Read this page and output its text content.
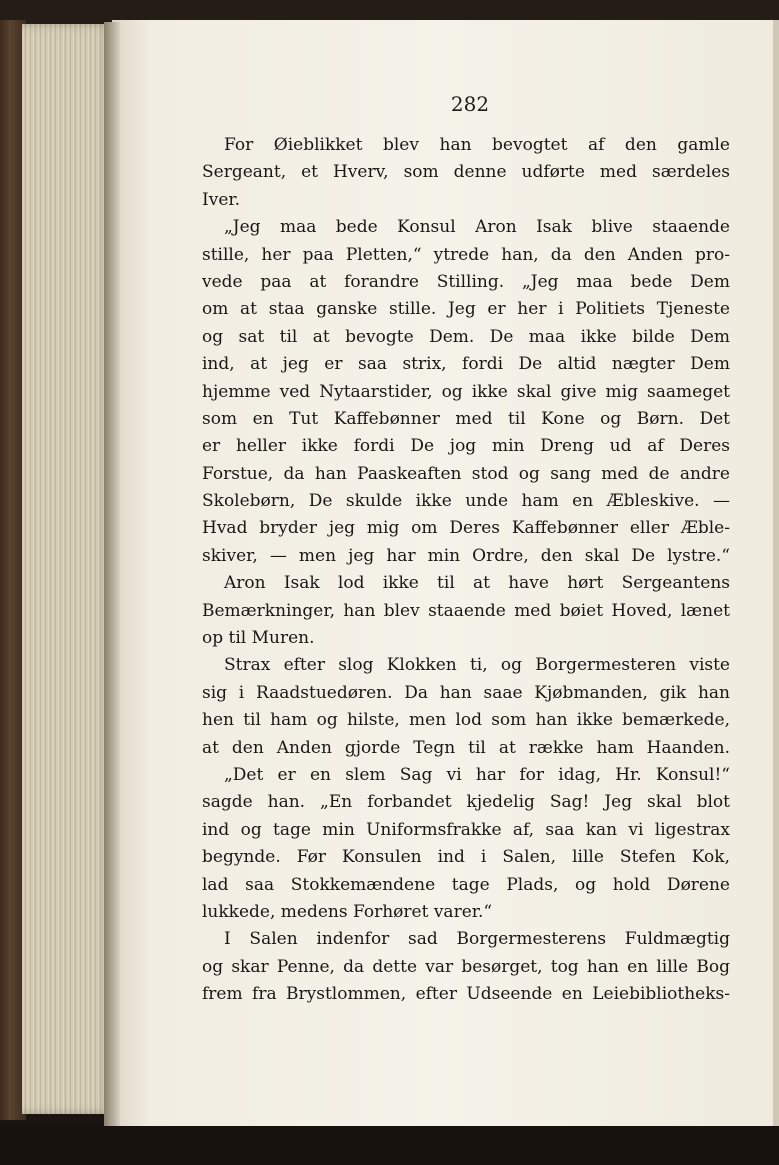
282
For Øieblikket blev han bevogtet af den gamle
Sergeant, et Hverv, som denne udførte med særdeles
Iver.
„Jeg maa bede Konsul Aron Isak blive staaende
stille, her paa Pletten,“ ytrede han, da den Anden pro-
vede paa at forandre Stilling. „Jeg maa bede Dem
om at staa ganske stille. Jeg er her i Politiets Tjeneste
og sat til at bevogte Dem. De maa ikke bilde Dem
ind, at jeg er saa strix, fordi De altid nægter Dem
hjemme ved Nytaarstider, og ikke skal give mig saameget
som en Tut Kaffebønner med til Kone og Børn. Det
er heller ikke fordi De jog min Dreng ud af Deres
Forstue, da han Paaskeaften stod og sang med de andre
Skolebørn, De skulde ikke unde ham en Æbleskive. —
Hvad bryder jeg mig om Deres Kaffebønner eller Æble-
skiver, — men jeg har min Ordre, den skal De lystre.“
Aron Isak lod ikke til at have hørt Sergeantens
Bemærkninger, han blev staaende med bøiet Hoved, lænet
op til Muren.
Strax efter slog Klokken ti, og Borgermesteren viste
sig i Raadstuedøren. Da han saae Kjøbmanden, gik han
hen til ham og hilste, men lod som han ikke bemærkede,
at den Anden gjorde Tegn til at række ham Haanden.
„Det er en slem Sag vi har for idag, Hr. Konsul!“
sagde han. „En forbandet kjedelig Sag! Jeg skal blot
ind og tage min Uniformsfrakke af, saa kan vi ligestrax
begynde. Før Konsulen ind i Salen, lille Stefen Kok,
lad saa Stokkemændene tage Plads, og hold Dørene
lukkede, medens Forhøret varer.“
I Salen indenfor sad Borgermesterens Fuldmægtig
og skar Penne, da dette var besørget, tog han en lille Bog
frem fra Brystlommen, efter Udseende en Leiebibliotheks-
